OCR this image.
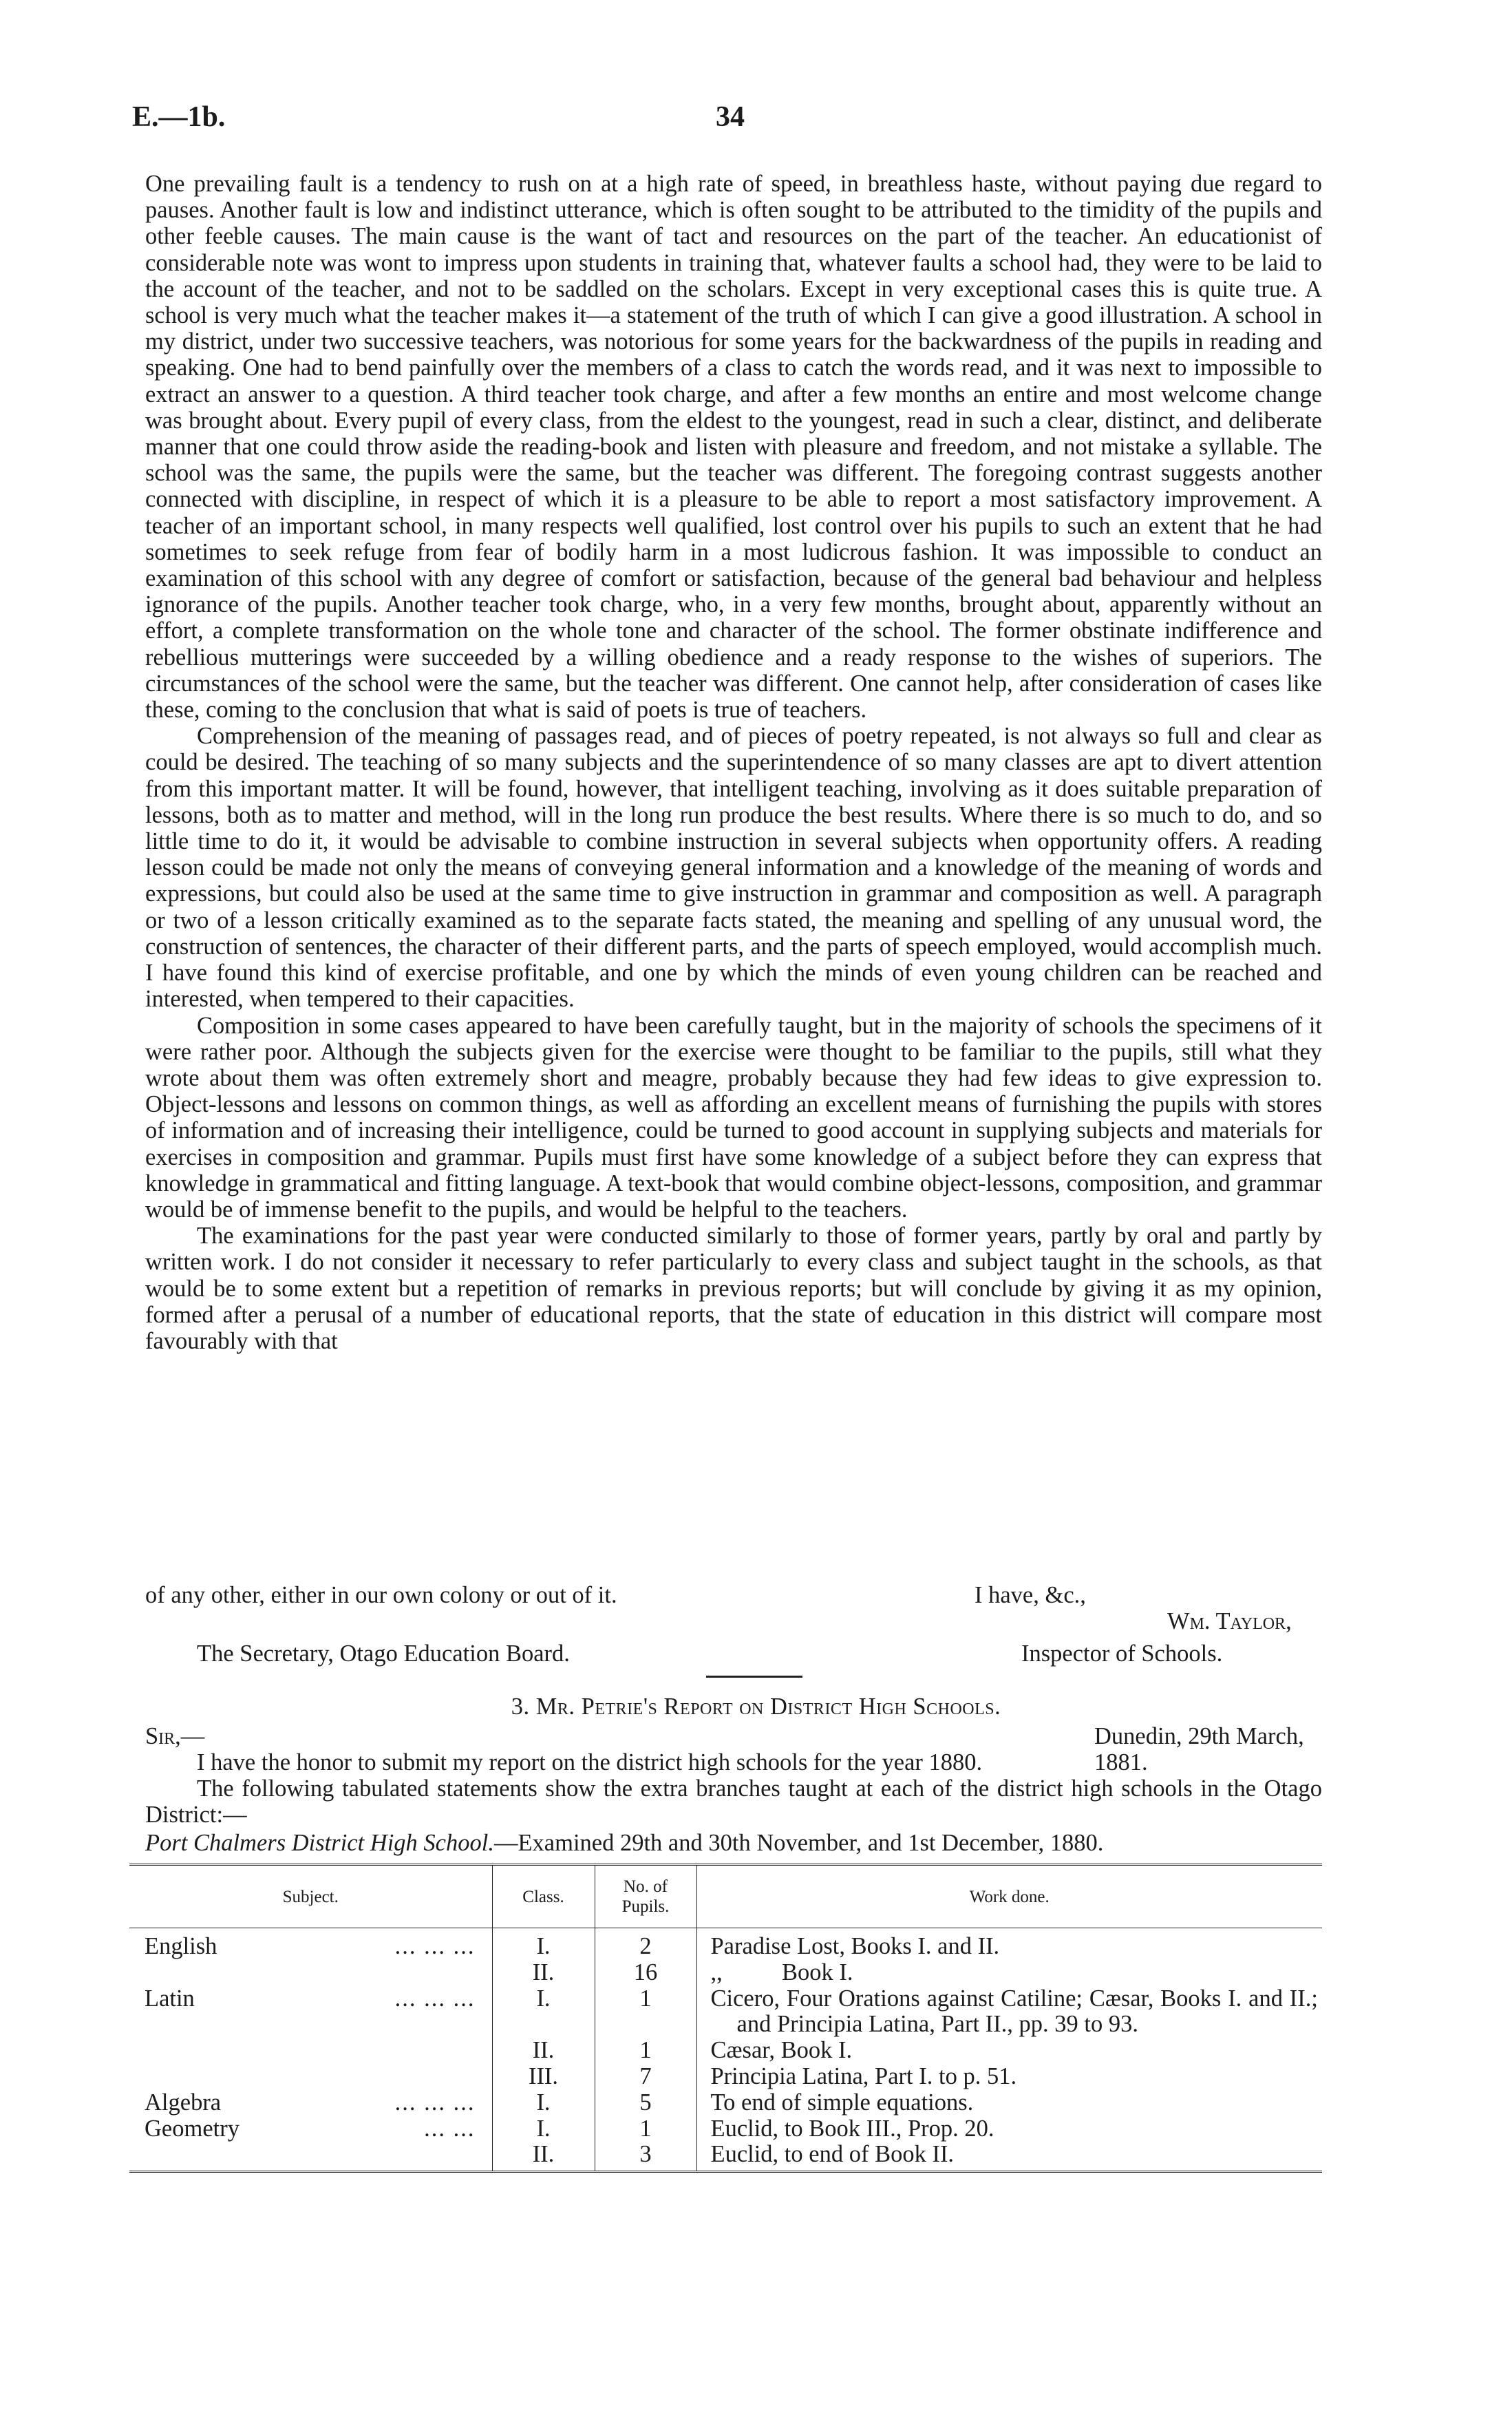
E.—1b.	34

One prevailing fault is a tendency to rush on at a high rate of speed, in breathless haste, without paying due regard to pauses. Another fault is low and indistinct utterance, which is often sought to be attributed to the timidity of the pupils and other feeble causes. The main cause is the want of tact and resources on the part of the teacher. An educationist of considerable note was wont to impress upon students in training that, whatever faults a school had, they were to be laid to the account of the teacher, and not to be saddled on the scholars. Except in very exceptional cases this is quite true. A school is very much what the teacher makes it—a statement of the truth of which I can give a good illustration. A school in my district, under two successive teachers, was notorious for some years for the backwardness of the pupils in reading and speaking. One had to bend painfully over the members of a class to catch the words read, and it was next to impossible to extract an answer to a question. A third teacher took charge, and after a few months an entire and most welcome change was brought about. Every pupil of every class, from the eldest to the youngest, read in such a clear, distinct, and deliberate manner that one could throw aside the reading-book and listen with pleasure and freedom, and not mistake a syllable. The school was the same, the pupils were the same, but the teacher was different. The foregoing contrast suggests another connected with discipline, in respect of which it is a pleasure to be able to report a most satisfactory improvement. A teacher of an important school, in many respects well qualified, lost control over his pupils to such an extent that he had sometimes to seek refuge from fear of bodily harm in a most ludicrous fashion. It was impossible to conduct an examination of this school with any degree of comfort or satisfaction, because of the general bad behaviour and helpless ignorance of the pupils. Another teacher took charge, who, in a very few months, brought about, apparently without an effort, a complete transformation on the whole tone and character of the school. The former obstinate indifference and rebellious mutterings were succeeded by a willing obedience and a ready response to the wishes of superiors. The circumstances of the school were the same, but the teacher was different. One cannot help, after consideration of cases like these, coming to the conclusion that what is said of poets is true of teachers.

Comprehension of the meaning of passages read, and of pieces of poetry repeated, is not always so full and clear as could be desired. The teaching of so many subjects and the superintendence of so many classes are apt to divert attention from this important matter. It will be found, however, that intelligent teaching, involving as it does suitable preparation of lessons, both as to matter and method, will in the long run produce the best results. Where there is so much to do, and so little time to do it, it would be advisable to combine instruction in several subjects when opportunity offers. A reading lesson could be made not only the means of conveying general information and a knowledge of the meaning of words and expressions, but could also be used at the same time to give instruction in grammar and composition as well. A paragraph or two of a lesson critically examined as to the separate facts stated, the meaning and spelling of any unusual word, the construction of sentences, the character of their different parts, and the parts of speech employed, would accomplish much. I have found this kind of exercise profitable, and one by which the minds of even young children can be reached and interested, when tempered to their capacities.

Composition in some cases appeared to have been carefully taught, but in the majority of schools the specimens of it were rather poor. Although the subjects given for the exercise were thought to be familiar to the pupils, still what they wrote about them was often extremely short and meagre, probably because they had few ideas to give expression to. Object-lessons and lessons on common things, as well as affording an excellent means of furnishing the pupils with stores of information and of increasing their intelligence, could be turned to good account in supplying subjects and materials for exercises in composition and grammar. Pupils must first have some knowledge of a subject before they can express that knowledge in grammatical and fitting language. A text-book that would combine object-lessons, composition, and grammar would be of immense benefit to the pupils, and would be helpful to the teachers.

The examinations for the past year were conducted similarly to those of former years, partly by oral and partly by written work. I do not consider it necessary to refer particularly to every class and subject taught in the schools, as that would be to some extent but a repetition of remarks in previous reports; but will conclude by giving it as my opinion, formed after a perusal of a number of educational reports, that the state of education in this district will compare most favourably with that

of any other, either in our own colony or out of it.	I have, &c.,
Wm. Taylor,
The Secretary, Otago Education Board.	Inspector of Schools.
3. Mr. Petrie's Report on District High Schools.
Sir,—	Dunedin, 29th March, 1881.

I have the honor to submit my report on the district high schools for the year 1880.

The following tabulated statements show the extra branches taught at each of the district high schools in the Otago District:—

Port Chalmers District High School.—Examined 29th and 30th November, and 1st December, 1880.
Subject.	Class.	No. of Pupils.	Work done.

English ... ... ...	I.	2	Paradise Lost, Books I. and II.

	II.	16	,,          Book I.

Latin ... ... ...	I.	1	Cicero, Four Orations against Catiline; Cæsar, Books I. and II.; and Principia Latina, Part II., pp. 39 to 93.

	II.	1	Cæsar, Book I.

	III.	7	Principia Latina, Part I. to p. 51.

Algebra ... ... ...	I.	5	To end of simple equations.

Geometry ... ...	I.	1	Euclid, to Book III., Prop. 20.

	II.	3	Euclid, to end of Book II.
